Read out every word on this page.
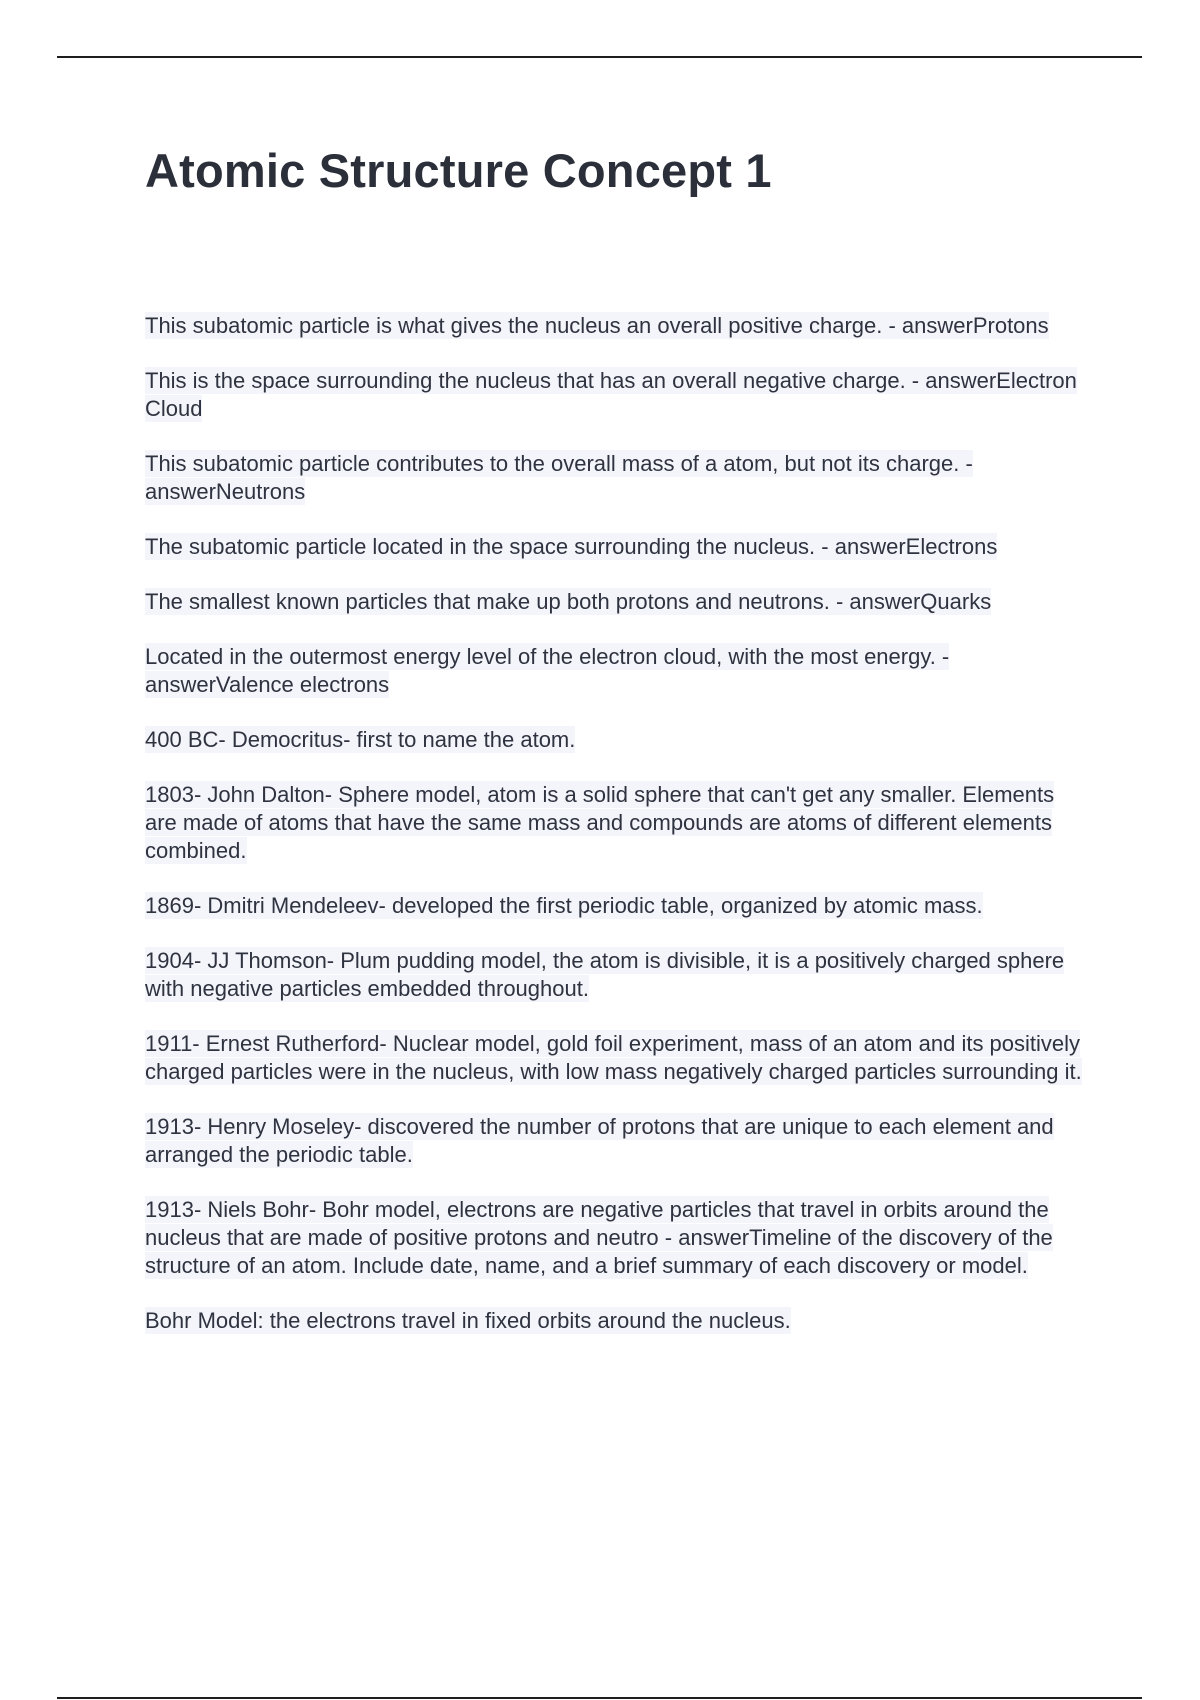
Atomic Structure Concept 1

This subatomic particle is what gives the nucleus an overall positive charge. - answerProtons

This is the space surrounding the nucleus that has an overall negative charge. - answerElectron Cloud

This subatomic particle contributes to the overall mass of a atom, but not its charge. - answerNeutrons

The subatomic particle located in the space surrounding the nucleus. - answerElectrons

The smallest known particles that make up both protons and neutrons. - answerQuarks

Located in the outermost energy level of the electron cloud, with the most energy. - answerValence electrons

400 BC- Democritus- first to name the atom.

1803- John Dalton- Sphere model, atom is a solid sphere that can't get any smaller. Elements are made of atoms that have the same mass and compounds are atoms of different elements combined.

1869- Dmitri Mendeleev- developed the first periodic table, organized by atomic mass.

1904- JJ Thomson- Plum pudding model, the atom is divisible, it is a positively charged sphere with negative particles embedded throughout.

1911- Ernest Rutherford- Nuclear model, gold foil experiment, mass of an atom and its positively charged particles were in the nucleus, with low mass negatively charged particles surrounding it.

1913- Henry Moseley- discovered the number of protons that are unique to each element and arranged the periodic table.

1913- Niels Bohr- Bohr model, electrons are negative particles that travel in orbits around the nucleus that are made of positive protons and neutro - answerTimeline of the discovery of the structure of an atom. Include date, name, and a brief summary of each discovery or model.

Bohr Model: the electrons travel in fixed orbits around the nucleus.
